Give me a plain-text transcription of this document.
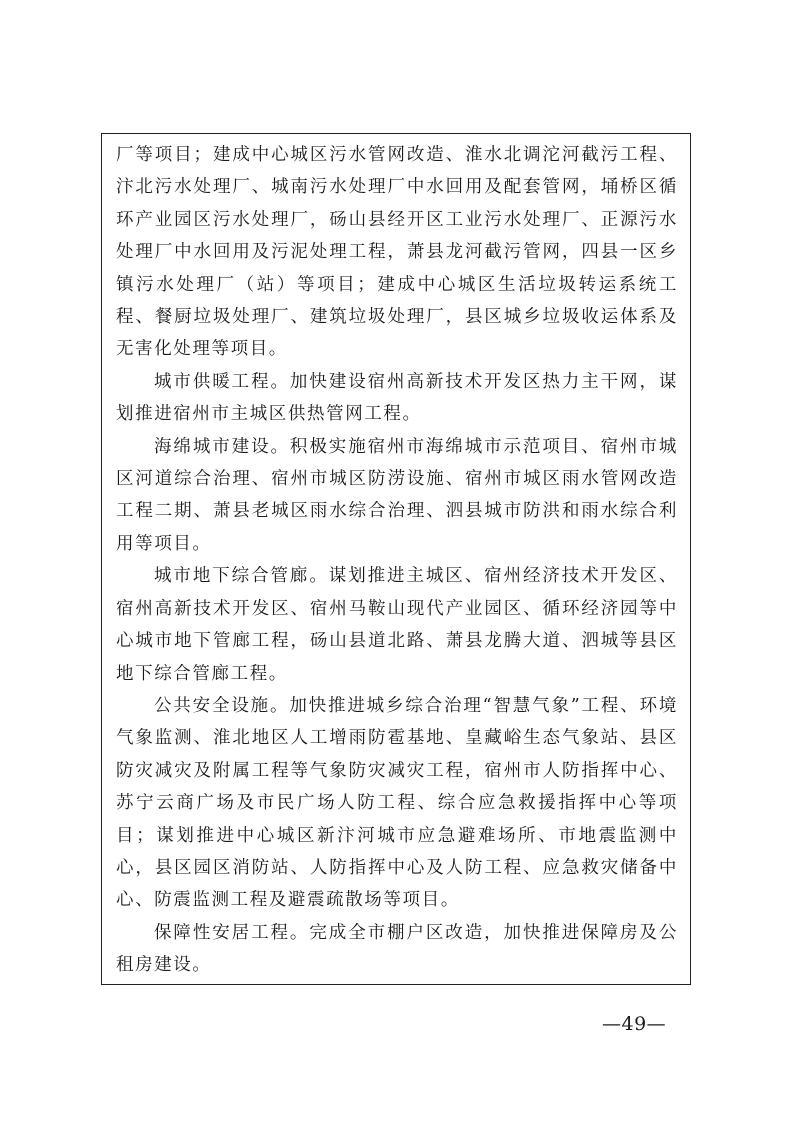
厂等项目；建成中心城区污水管网改造、淮水北调沱河截污工程、汴北污水处理厂、城南污水处理厂中水回用及配套管网，埇桥区循环产业园区污水处理厂，砀山县经开区工业污水处理厂、正源污水处理厂中水回用及污泥处理工程，萧县龙河截污管网，四县一区乡镇污水处理厂（站）等项目；建成中心城区生活垃圾转运系统工程、餐厨垃圾处理厂、建筑垃圾处理厂，县区城乡垃圾收运体系及无害化处理等项目。

城市供暖工程。加快建设宿州高新技术开发区热力主干网，谋划推进宿州市主城区供热管网工程。

海绵城市建设。积极实施宿州市海绵城市示范项目、宿州市城区河道综合治理、宿州市城区防涝设施、宿州市城区雨水管网改造工程二期、萧县老城区雨水综合治理、泗县城市防洪和雨水综合利用等项目。

城市地下综合管廊。谋划推进主城区、宿州经济技术开发区、宿州高新技术开发区、宿州马鞍山现代产业园区、循环经济园等中心城市地下管廊工程，砀山县道北路、萧县龙腾大道、泗城等县区地下综合管廊工程。

公共安全设施。加快推进城乡综合治理“智慧气象”工程、环境气象监测、淮北地区人工增雨防雹基地、皇藏峪生态气象站、县区防灾减灾及附属工程等气象防灾减灾工程，宿州市人防指挥中心、苏宁云商广场及市民广场人防工程、综合应急救援指挥中心等项目；谋划推进中心城区新汴河城市应急避难场所、市地震监测中心，县区园区消防站、人防指挥中心及人防工程、应急救灾储备中心、防震监测工程及避震疏散场等项目。

保障性安居工程。完成全市棚户区改造，加快推进保障房及公租房建设。

—49—
